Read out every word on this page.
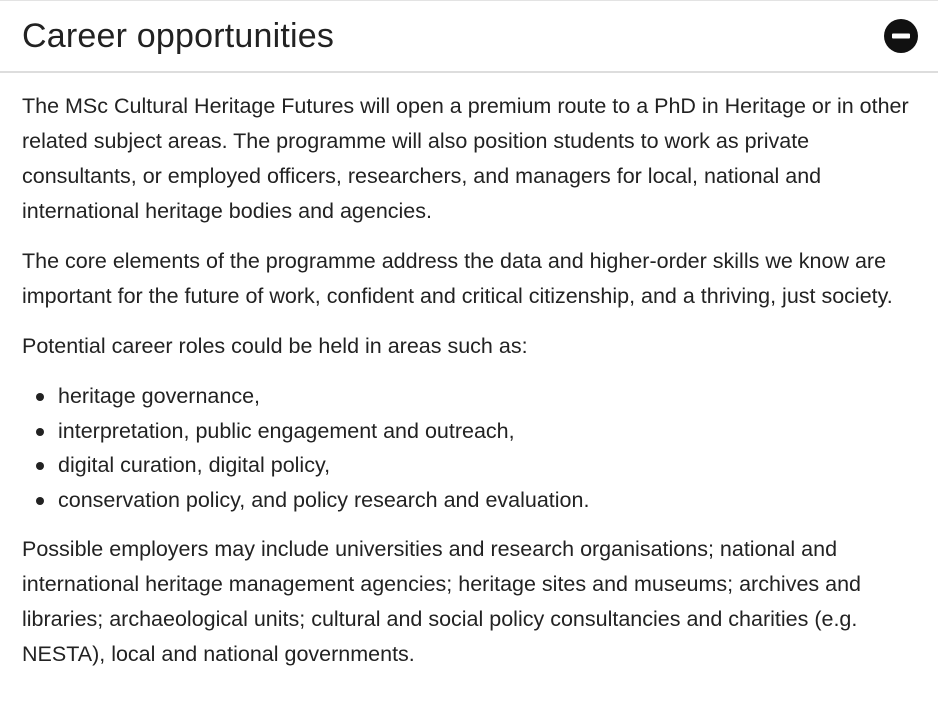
Career opportunities

The MSc Cultural Heritage Futures will open a premium route to a PhD in Heritage or in other related subject areas. The programme will also position students to work as private consultants, or employed officers, researchers, and managers for local, national and international heritage bodies and agencies.

The core elements of the programme address the data and higher-order skills we know are important for the future of work, confident and critical citizenship, and a thriving, just society.

Potential career roles could be held in areas such as:

heritage governance,
interpretation, public engagement and outreach,
digital curation, digital policy,
conservation policy, and policy research and evaluation.

Possible employers may include universities and research organisations; national and international heritage management agencies; heritage sites and museums; archives and libraries; archaeological units; cultural and social policy consultancies and charities (e.g. NESTA), local and national governments.
